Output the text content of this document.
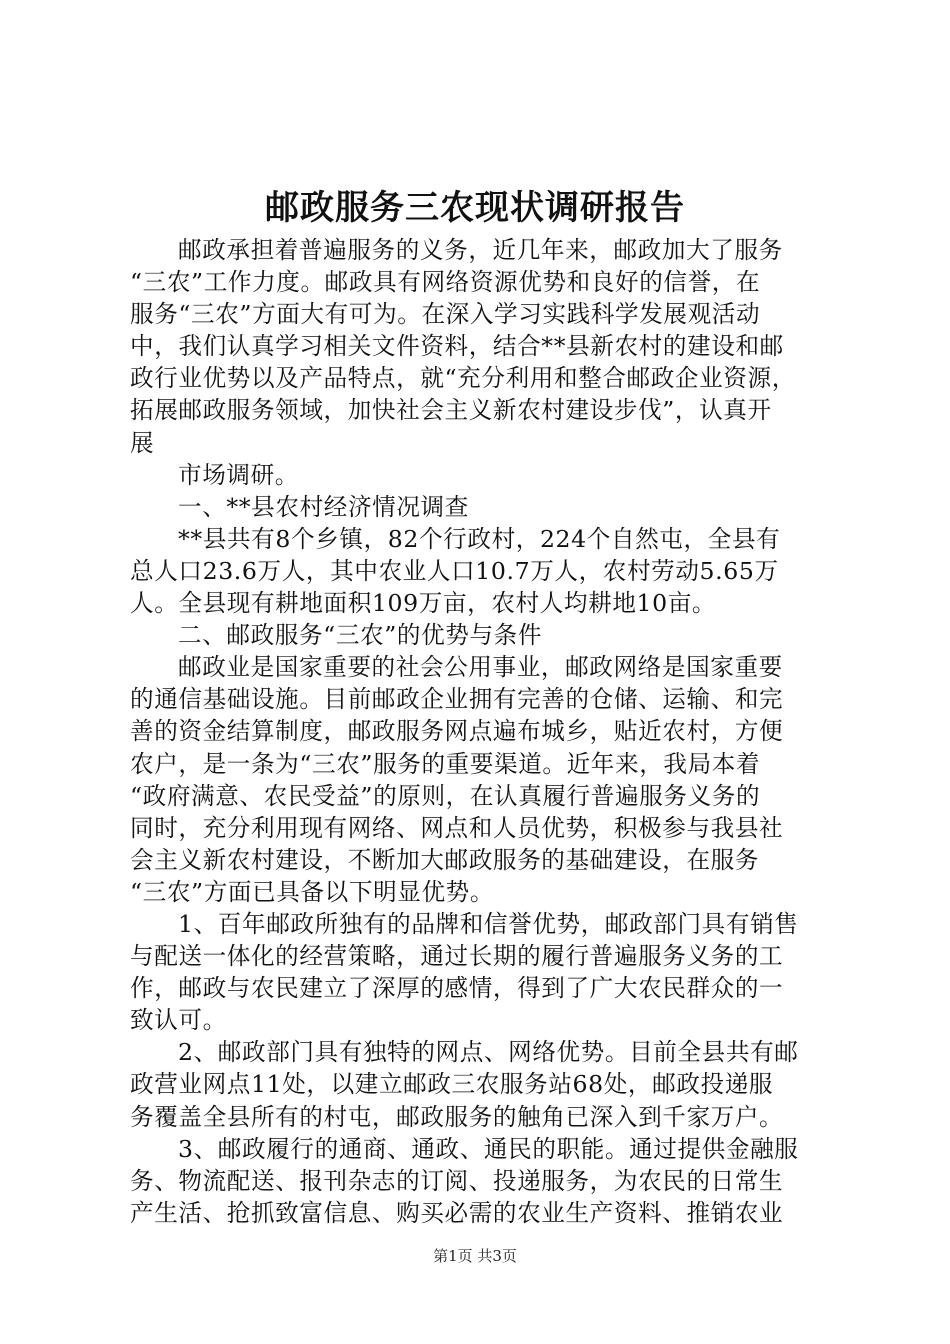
邮政服务三农现状调研报告
邮政承担着普遍服务的义务，近几年来，邮政加大了服务
“三农”工作力度。邮政具有网络资源优势和良好的信誉，在
服务“三农”方面大有可为。在深入学习实践科学发展观活动
中，我们认真学习相关文件资料，结合**县新农村的建设和邮
政行业优势以及产品特点，就“充分利用和整合邮政企业资源，
拓展邮政服务领域，加快社会主义新农村建设步伐”，认真开
展
市场调研。
一、**县农村经济情况调查
**县共有8个乡镇，82个行政村，224个自然屯，全县有
总人口23.6万人，其中农业人口10.7万人，农村劳动5.65万
人。全县现有耕地面积109万亩，农村人均耕地10亩。
二、邮政服务“三农”的优势与条件
邮政业是国家重要的社会公用事业，邮政网络是国家重要
的通信基础设施。目前邮政企业拥有完善的仓储、运输、和完
善的资金结算制度，邮政服务网点遍布城乡，贴近农村，方便
农户，是一条为“三农”服务的重要渠道。近年来，我局本着
“政府满意、农民受益”的原则，在认真履行普遍服务义务的
同时，充分利用现有网络、网点和人员优势，积极参与我县社
会主义新农村建设，不断加大邮政服务的基础建设，在服务
“三农”方面已具备以下明显优势。
1、百年邮政所独有的品牌和信誉优势，邮政部门具有销售
与配送一体化的经营策略，通过长期的履行普遍服务义务的工
作，邮政与农民建立了深厚的感情，得到了广大农民群众的一
致认可。
2、邮政部门具有独特的网点、网络优势。目前全县共有邮
政营业网点11处，以建立邮政三农服务站68处，邮政投递服
务覆盖全县所有的村屯，邮政服务的触角已深入到千家万户。
3、邮政履行的通商、通政、通民的职能。通过提供金融服
务、物流配送、报刊杂志的订阅、投递服务，为农民的日常生
产生活、抢抓致富信息、购买必需的农业生产资料、推销农业
第1页 共3页
